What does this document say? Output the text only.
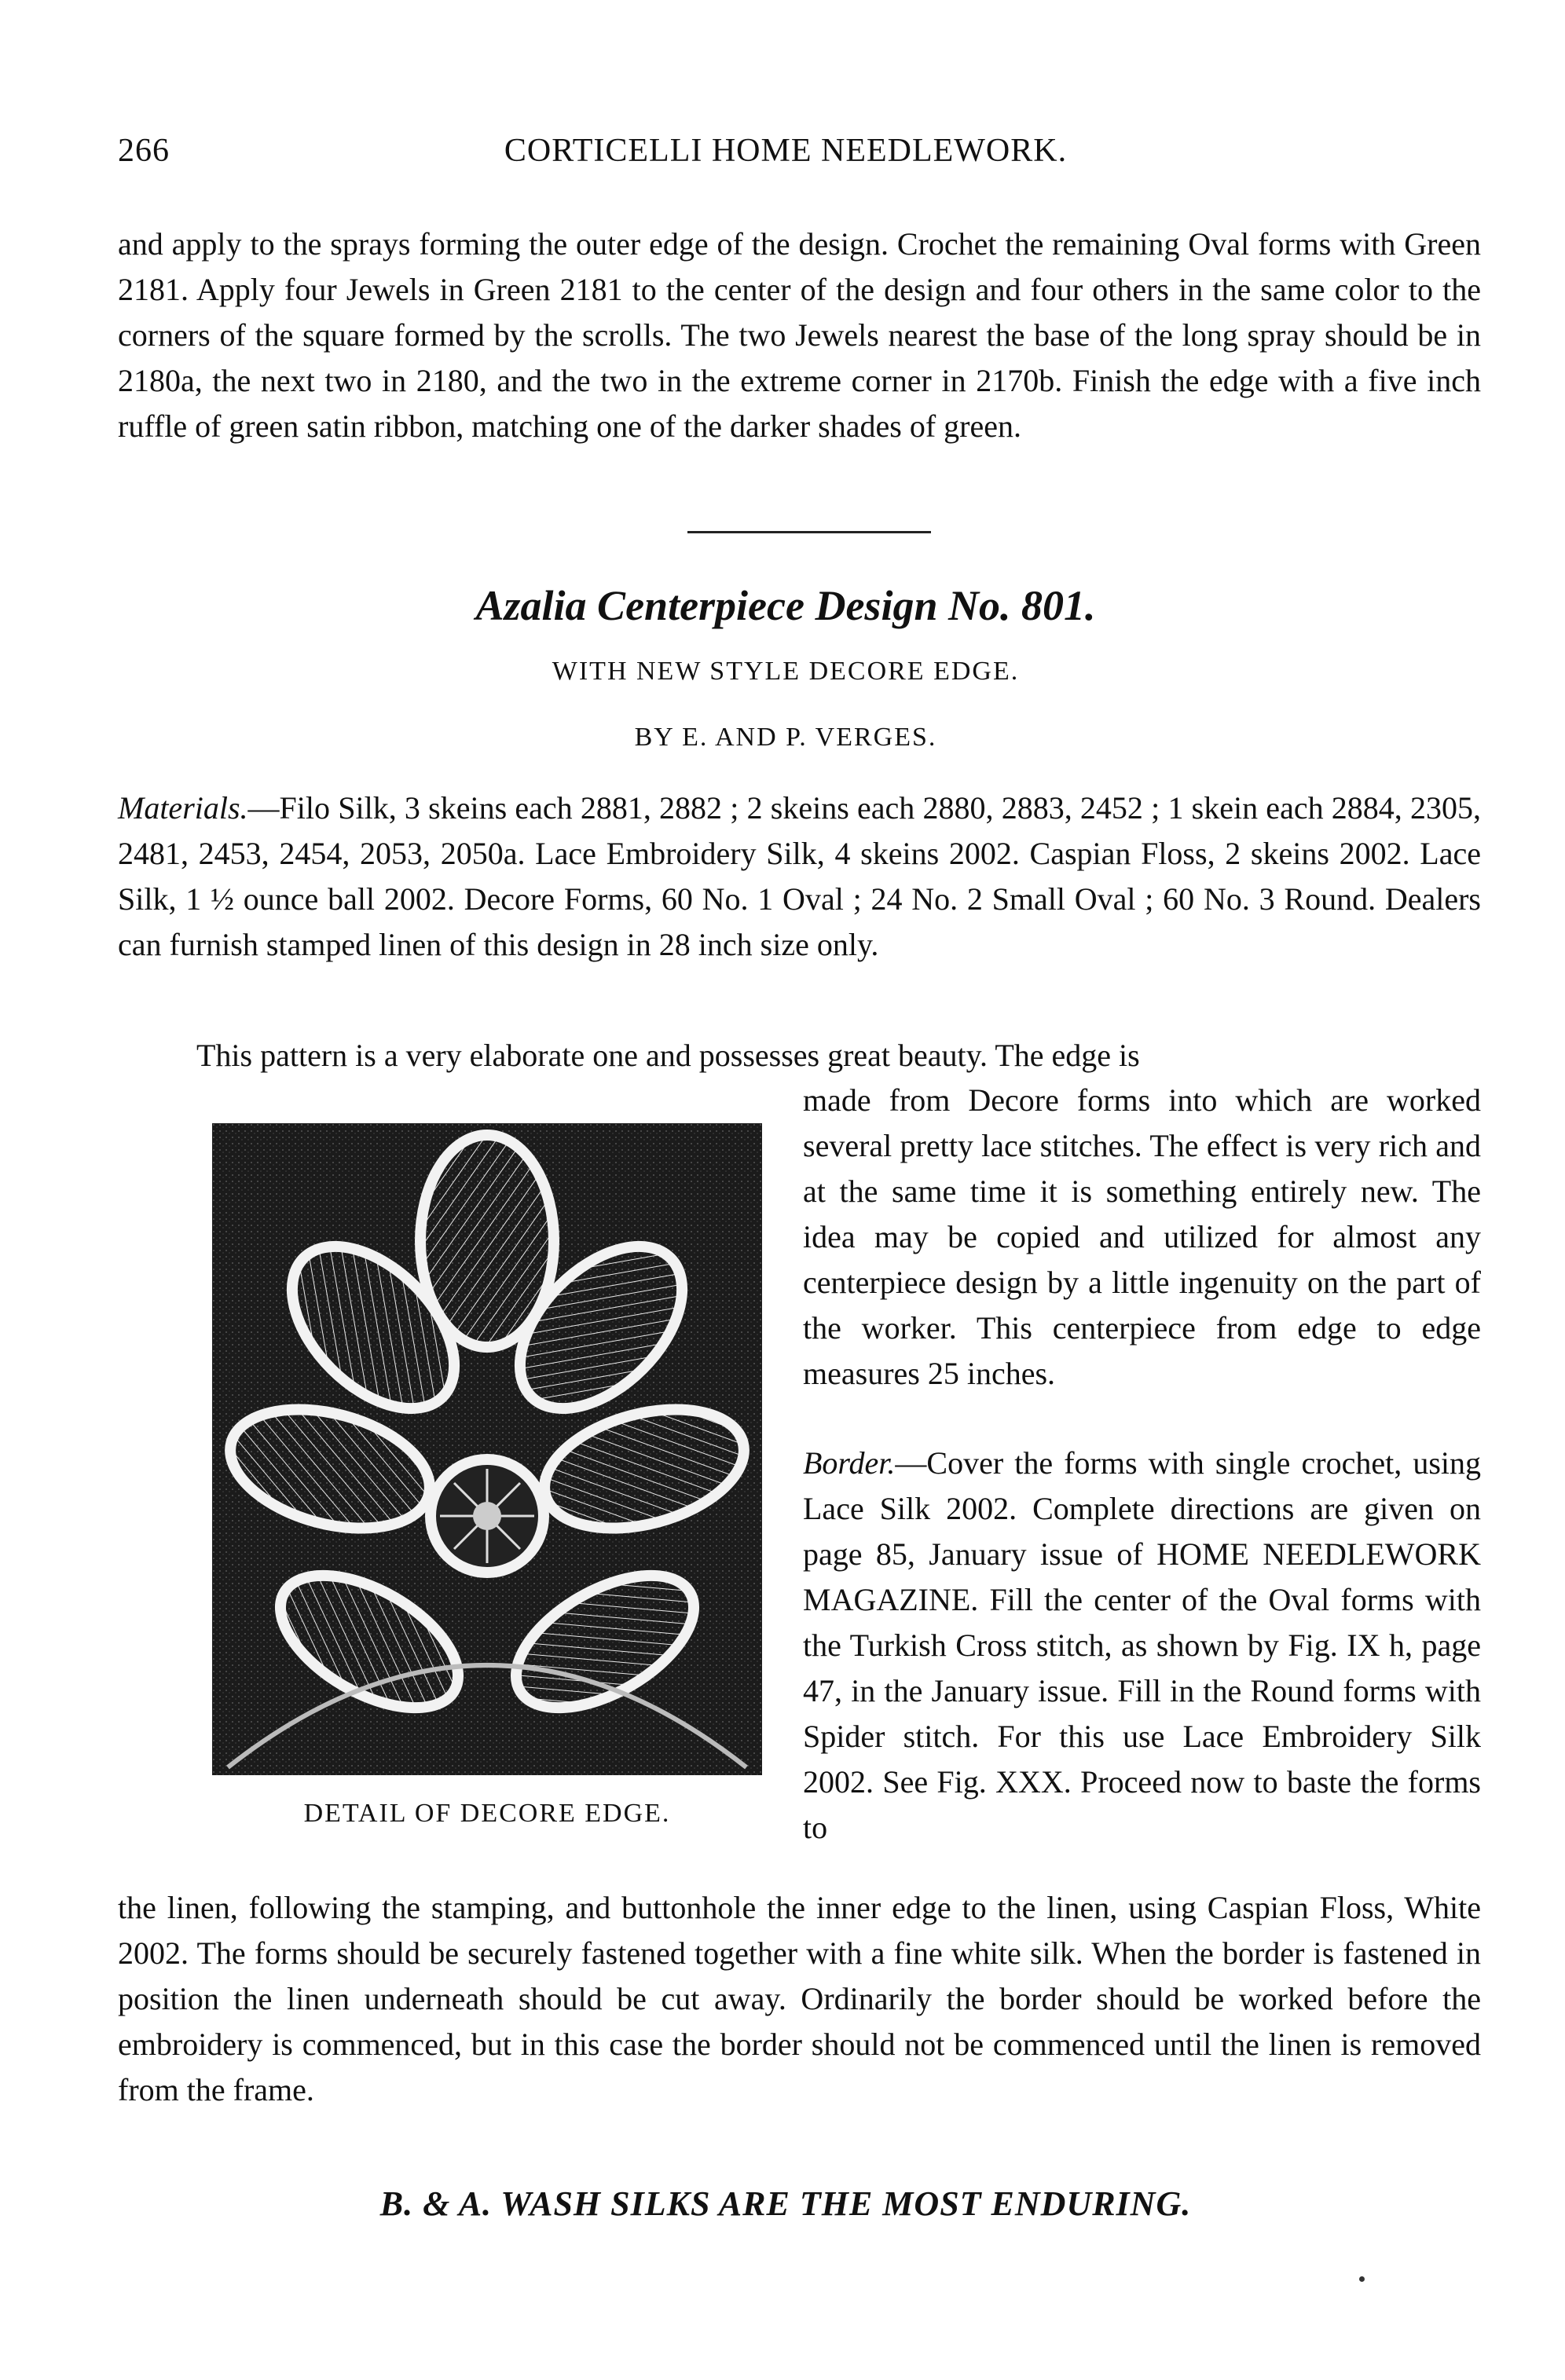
266	CORTICELLI HOME NEEDLEWORK.

and apply to the sprays forming the outer edge of the design. Crochet the remaining Oval forms with Green 2181. Apply four Jewels in Green 2181 to the center of the design and four others in the same color to the corners of the square formed by the scrolls. The two Jewels nearest the base of the long spray should be in 2180a, the next two in 2180, and the two in the extreme corner in 2170b. Finish the edge with a five inch ruffle of green satin ribbon, matching one of the darker shades of green.

Azalia Centerpiece Design No. 801.
WITH NEW STYLE DECORE EDGE.
BY E. AND P. VERGES.

Materials.—Filo Silk, 3 skeins each 2881, 2882 ; 2 skeins each 2880, 2883, 2452 ; 1 skein each 2884, 2305, 2481, 2453, 2454, 2053, 2050a. Lace Embroidery Silk, 4 skeins 2002. Caspian Floss, 2 skeins 2002. Lace Silk, 1 ½ ounce ball 2002. Decore Forms, 60 No. 1 Oval ; 24 No. 2 Small Oval ; 60 No. 3 Round. Dealers can furnish stamped linen of this design in 28 inch size only.

This pattern is a very elaborate one and possesses great beauty. The edge is

made from Decore forms into which are worked several pretty lace stitches. The effect is very rich and at the same time it is something entirely new. The idea may be copied and utilized for almost any centerpiece design by a little ingenuity on the part of the worker. This centerpiece from edge to edge measures 25 inches.

Border.—Cover the forms with single crochet, using Lace Silk 2002. Complete directions are given on page 85, January issue of HOME NEEDLEWORK MAGAZINE. Fill the center of the Oval forms with the Turkish Cross stitch, as shown by Fig. IX h, page 47, in the January issue. Fill in the Round forms with Spider stitch. For this use Lace Embroidery Silk 2002. See Fig. XXX. Proceed now to baste the forms to

DETAIL OF DECORE EDGE.

the linen, following the stamping, and buttonhole the inner edge to the linen, using Caspian Floss, White 2002. The forms should be securely fastened together with a fine white silk. When the border is fastened in position the linen underneath should be cut away. Ordinarily the border should be worked before the embroidery is commenced, but in this case the border should not be commenced until the linen is removed from the frame.

B. & A. WASH SILKS ARE THE MOST ENDURING.
